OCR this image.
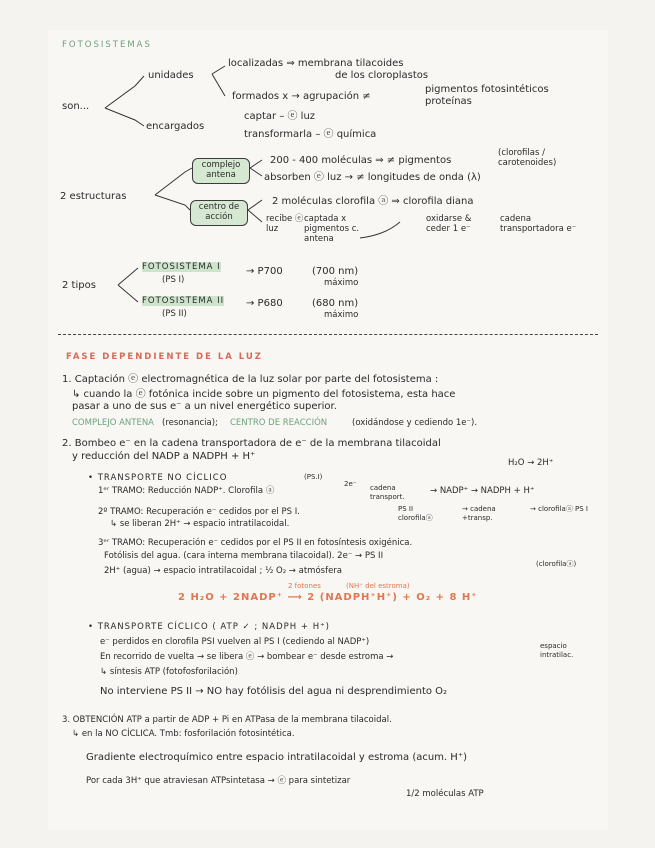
FOTOSISTEMAS
son...
unidades
localizadas ⇒ membrana tilacoides
de los cloroplastos
formados x → agrupación ≠
pigmentos fotosintéticos
proteínas
encargados
captar – ⓔ luz
transformarla – ⓔ química
2 estructuras
complejo antena
200 - 400 moléculas ⇒ ≠ pigmentos
(clorofilas / carotenoides)
absorben ⓔ luz → ≠ longitudes de onda (λ)
centro de acción
2 moléculas clorofila ⓐ ⇒ clorofila diana
recibe ⓔ luz
captada x pigmentos c. antena
oxidarse & ceder 1 e⁻
cadena transportadora e⁻
2 tipos
FOTOSISTEMA I
(PS I)
→ P700	(700 nm)
máximo
FOTOSISTEMA II
(PS II)
→ P680	(680 nm)
máximo
FASE DEPENDIENTE DE LA LUZ
1. Captación ⓔ electromagnética de la luz solar por parte del fotosistema :
↳ cuando la ⓔ fotónica incide sobre un pigmento del fotosistema, esta hace
pasar a uno de sus e⁻ a un nivel energético superior.
COMPLEJO ANTENA (resonancia); CENTRO DE REACCIÓN	(oxidándose y cediendo 1e⁻).
2. Bombeo e⁻ en la cadena transportadora de e⁻ de la membrana tilacoidal
y reducción del NADP a NADPH + H⁺
H₂O → 2H⁺
• TRANSPORTE NO CÍCLICO	(PS.I)
1ᵉʳ TRAMO: Reducción NADP⁺. Clorofila ⓐ
2e⁻ cadena transport.
→ NADP⁺ → NADPH + H⁺
2º TRAMO: Recuperación e⁻ cedidos por el PS I.	PS II clorofilaⓐ
→ cadena +transp.
→ clorofilaⓐ PS I
↳ se liberan 2H⁺ → espacio intratilacoidal.
3ᵉʳ TRAMO: Recuperación e⁻ cedidos por el PS II en fotosíntesis oxigénica.
Fotólisis del agua. (cara interna membrana tilacoidal). 2e⁻ → PS II
(clorofilaⓐ)
2H⁺ (agua) → espacio intratilacoidal ; ½ O₂ → atmósfera
2 fotones	(NH⁺ del estroma)
2 H₂O + 2NADP⁺ ⟶ 2 (NADPH⁺H⁺) + O₂ + 8 H⁺
• TRANSPORTE CÍCLICO ( ATP ✓ ; NADPH + H⁺)
e⁻ perdidos en clorofila PSI vuelven al PS I (cediendo al NADP⁺)
En recorrido de vuelta → se libera ⓔ → bombear e⁻ desde estroma →
espacio intratilac.
↳ síntesis ATP (fotofosforilación)
No interviene PS II → NO hay fotólisis del agua ni desprendimiento O₂
3. OBTENCIÓN ATP a partir de ADP + Pi en ATPasa de la membrana tilacoidal.
↳ en la NO CÍCLICA. Tmb: fosforilación fotosintética.
Gradiente electroquímico entre espacio intratilacoidal y estroma (acum. H⁺)
Por cada 3H⁺ que atraviesan ATPsintetasa → ⓔ para sintetizar
1/2 moléculas ATP
